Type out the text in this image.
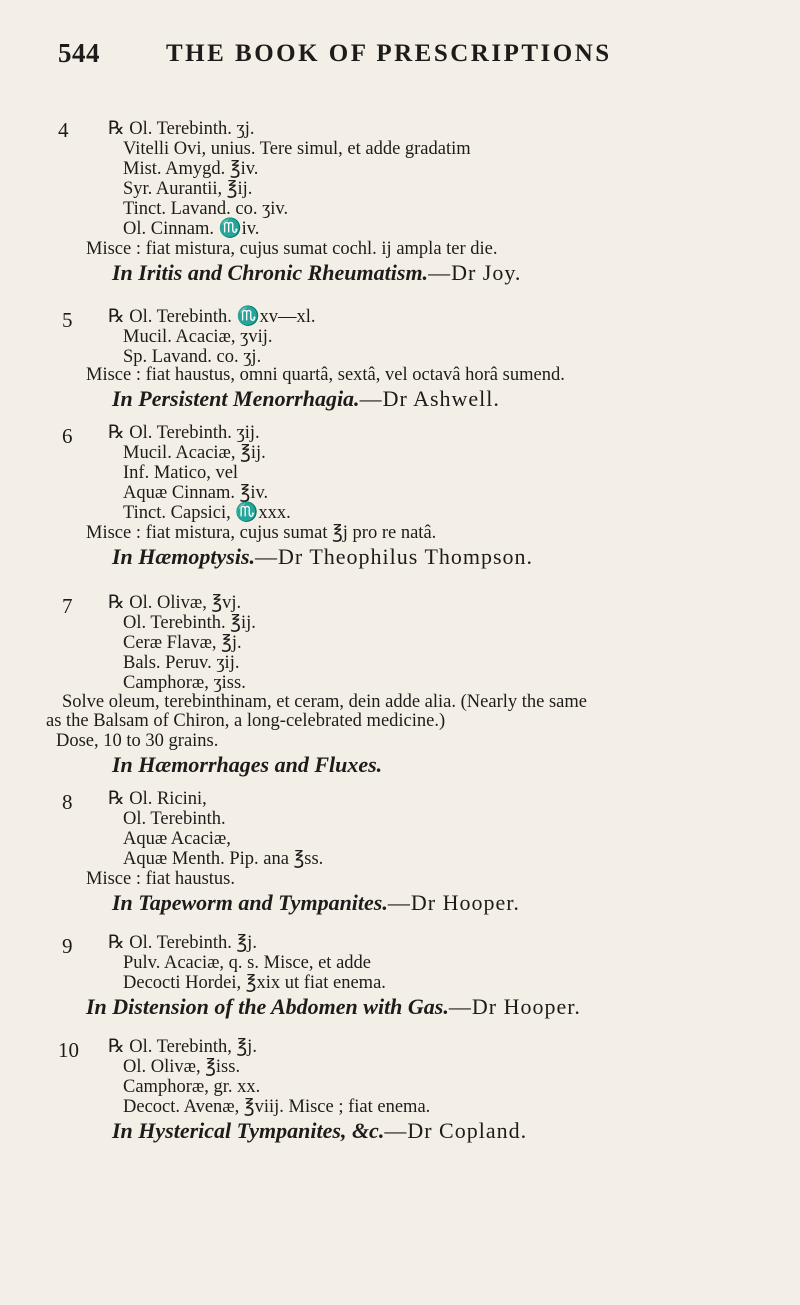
544	THE BOOK OF PRESCRIPTIONS
4 ℞ Ol. Terebinth. ʒj.
Vitelli Ovi, unius. Tere simul, et adde gradatim
Mist. Amygd. ℥iv.
Syr. Aurantii, ℥ij.
Tinct. Lavand. co. ʒiv.
Ol. Cinnam. ♏iv.
Misce : fiat mistura, cujus sumat cochl. ij ampla ter die.
In Iritis and Chronic Rheumatism.—Dr Joy.
5 ℞ Ol. Terebinth. ♏xv—xl.
Mucil. Acaciæ, ʒvij.
Sp. Lavand. co. ʒj.
Misce : fiat haustus, omni quartâ, sextâ, vel octavâ horâ sumend.
In Persistent Menorrhagia.—Dr Ashwell.
6 ℞ Ol. Terebinth. ʒij.
Mucil. Acaciæ, ℥ij.
Inf. Matico, vel
Aquæ Cinnam. ℥iv.
Tinct. Capsici, ♏xxx.
Misce : fiat mistura, cujus sumat ℥j pro re natâ.
In Hæmoptysis.—Dr Theophilus Thompson.
7 ℞ Ol. Olivæ, ℥vj.
Ol. Terebinth. ℥ij.
Ceræ Flavæ, ℥j.
Bals. Peruv. ʒij.
Camphoræ, ʒiss.
Solve oleum, terebinthinam, et ceram, dein adde alia. (Nearly the same
as the Balsam of Chiron, a long-celebrated medicine.)
Dose, 10 to 30 grains.
In Hæmorrhages and Fluxes.
8 ℞ Ol. Ricini,
Ol. Terebinth.
Aquæ Acaciæ,
Aquæ Menth. Pip. ana ℥ss.
Misce : fiat haustus.
In Tapeworm and Tympanites.—Dr Hooper.
9 ℞ Ol. Terebinth. ℥j.
Pulv. Acaciæ, q. s. Misce, et adde
Decocti Hordei, ℥xix ut fiat enema.
In Distension of the Abdomen with Gas.—Dr Hooper.
10 ℞ Ol. Terebinth, ℥j.
Ol. Olivæ, ℥iss.
Camphoræ, gr. xx.
Decoct. Avenæ, ℥viij. Misce ; fiat enema.
In Hysterical Tympanites, &c.—Dr Copland.
